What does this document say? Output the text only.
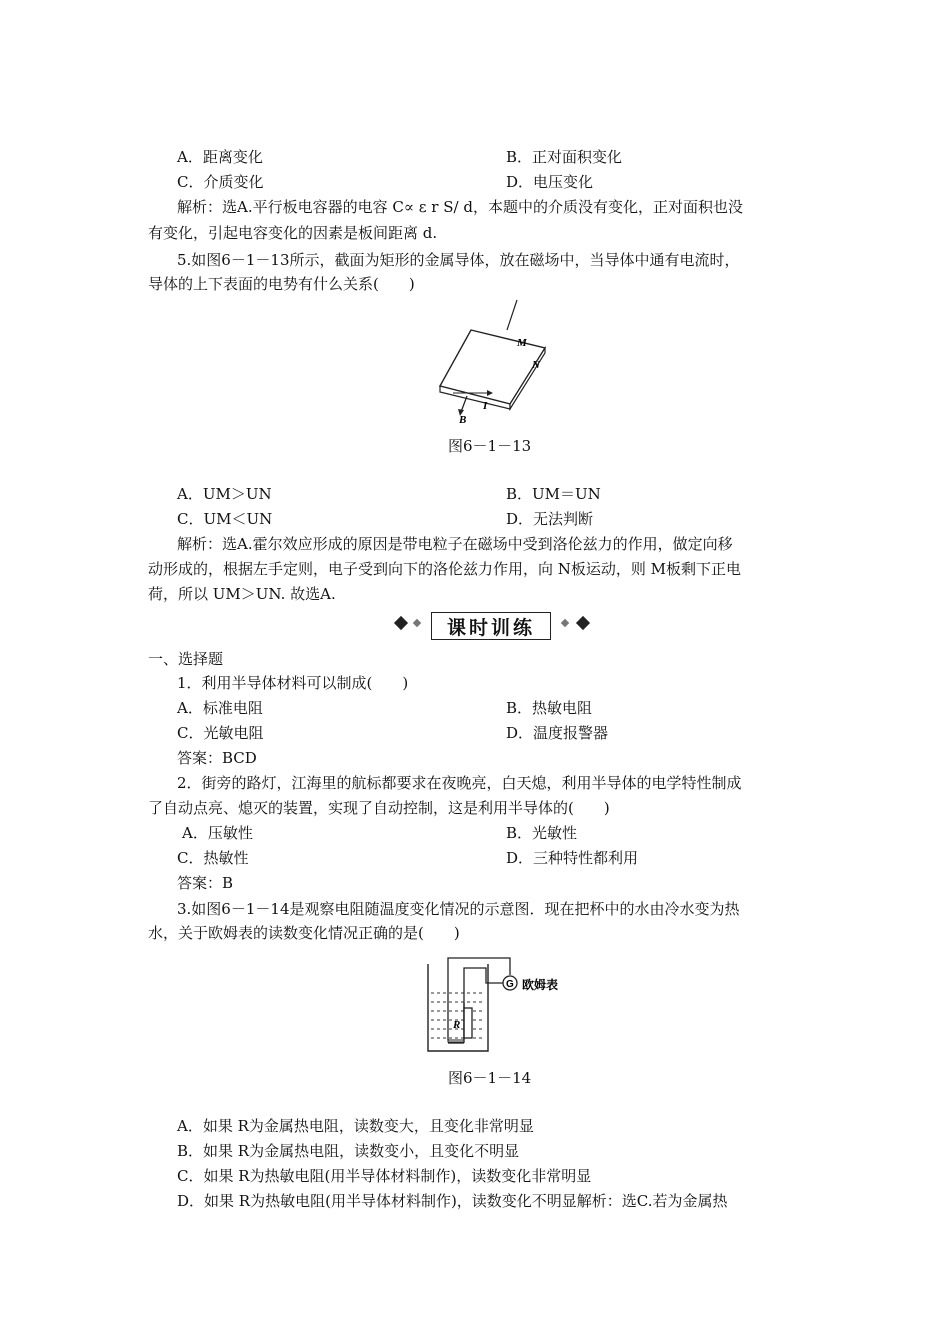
A．距离变化	B．正对面积变化
C．介质变化	D．电压变化
解析：选A.平行板电容器的电容 C∝ ε r S/ d，本题中的介质没有变化，正对面积也没
有变化，引起电容变化的因素是板间距离 d.
5.如图6－1－13所示，截面为矩形的金属导体，放在磁场中，当导体中通有电流时，
导体的上下表面的电势有什么关系(　　)
M
N
I
B
图6－1－13
A．UM＞UN	B．UM＝UN
C．UM＜UN	D．无法判断
解析：选A.霍尔效应形成的原因是带电粒子在磁场中受到洛伦兹力的作用，做定向移
动形成的，根据左手定则，电子受到向下的洛伦兹力作用，向 N板运动，则 M板剩下正电
荷，所以 UM＞UN. 故选A.
课时训练
一、选择题
1．利用半导体材料可以制成(　　)
A．标准电阻	B．热敏电阻
C．光敏电阻	D．温度报警器
答案：BCD
2．街旁的路灯，江海里的航标都要求在夜晚亮，白天熄，利用半导体的电学特性制成
了自动点亮、熄灭的装置，实现了自动控制，这是利用半导体的(　　)
A．压敏性	B．光敏性
C．热敏性	D．三种特性都利用
答案：B
3.如图6－1－14是观察电阻随温度变化情况的示意图．现在把杯中的水由冷水变为热
水，关于欧姆表的读数变化情况正确的是(　　)
R
G 欧姆表
图6－1－14
A．如果 R为金属热电阻，读数变大，且变化非常明显
B．如果 R为金属热电阻，读数变小，且变化不明显
C．如果 R为热敏电阻(用半导体材料制作)，读数变化非常明显
D．如果 R为热敏电阻(用半导体材料制作)，读数变化不明显解析：选C.若为金属热
